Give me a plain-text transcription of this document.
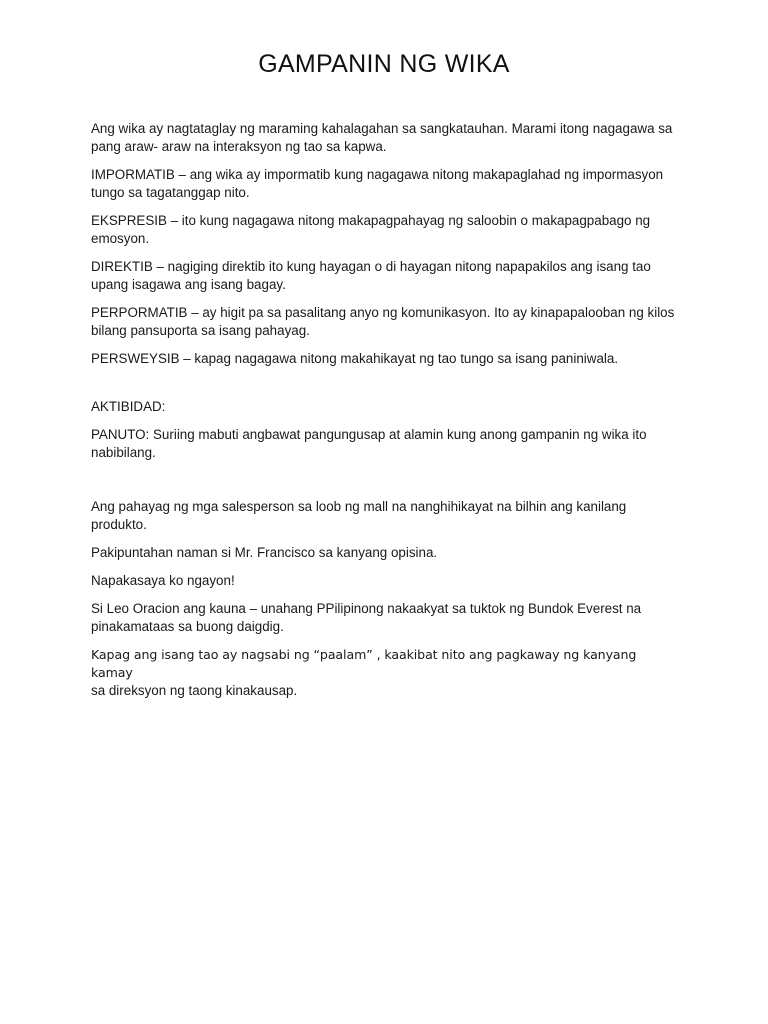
GAMPANIN NG WIKA

Ang wika ay nagtataglay ng maraming kahalagahan sa sangkatauhan. Marami itong nagagawa sa pang araw- araw na interaksyon ng tao sa kapwa.

IMPORMATIB – ang wika ay impormatib kung nagagawa nitong makapaglahad ng impormasyon tungo sa tagatanggap nito.

EKSPRESIB – ito kung nagagawa nitong makapagpahayag ng saloobin o makapagpabago ng emosyon.

DIREKTIB – nagiging direktib ito kung hayagan o di hayagan nitong napapakilos ang isang tao upang isagawa ang isang bagay.

PERPORMATIB – ay higit pa sa pasalitang anyo ng komunikasyon. Ito ay kinapapalooban ng kilos bilang pansuporta sa isang pahayag.

PERSWEYSIB – kapag nagagawa nitong makahikayat ng tao tungo sa isang paniniwala.

AKTIBIDAD:

PANUTO: Suriing mabuti angbawat pangungusap at alamin kung anong gampanin ng wika ito nabibilang.

Ang pahayag ng mga salesperson sa loob ng mall na nanghihikayat na bilhin ang kanilang produkto.

Pakipuntahan naman si Mr. Francisco sa kanyang opisina.

Napakasaya ko ngayon!

Si Leo Oracion ang kauna – unahang PPilipinong nakaakyat sa tuktok ng Bundok Everest na pinakamataas sa buong daigdig.

Kapag ang isang tao ay nagsabi ng “paalam” , kaakibat nito ang pagkaway ng kanyang kamay
sa direksyon ng taong kinakausap.
